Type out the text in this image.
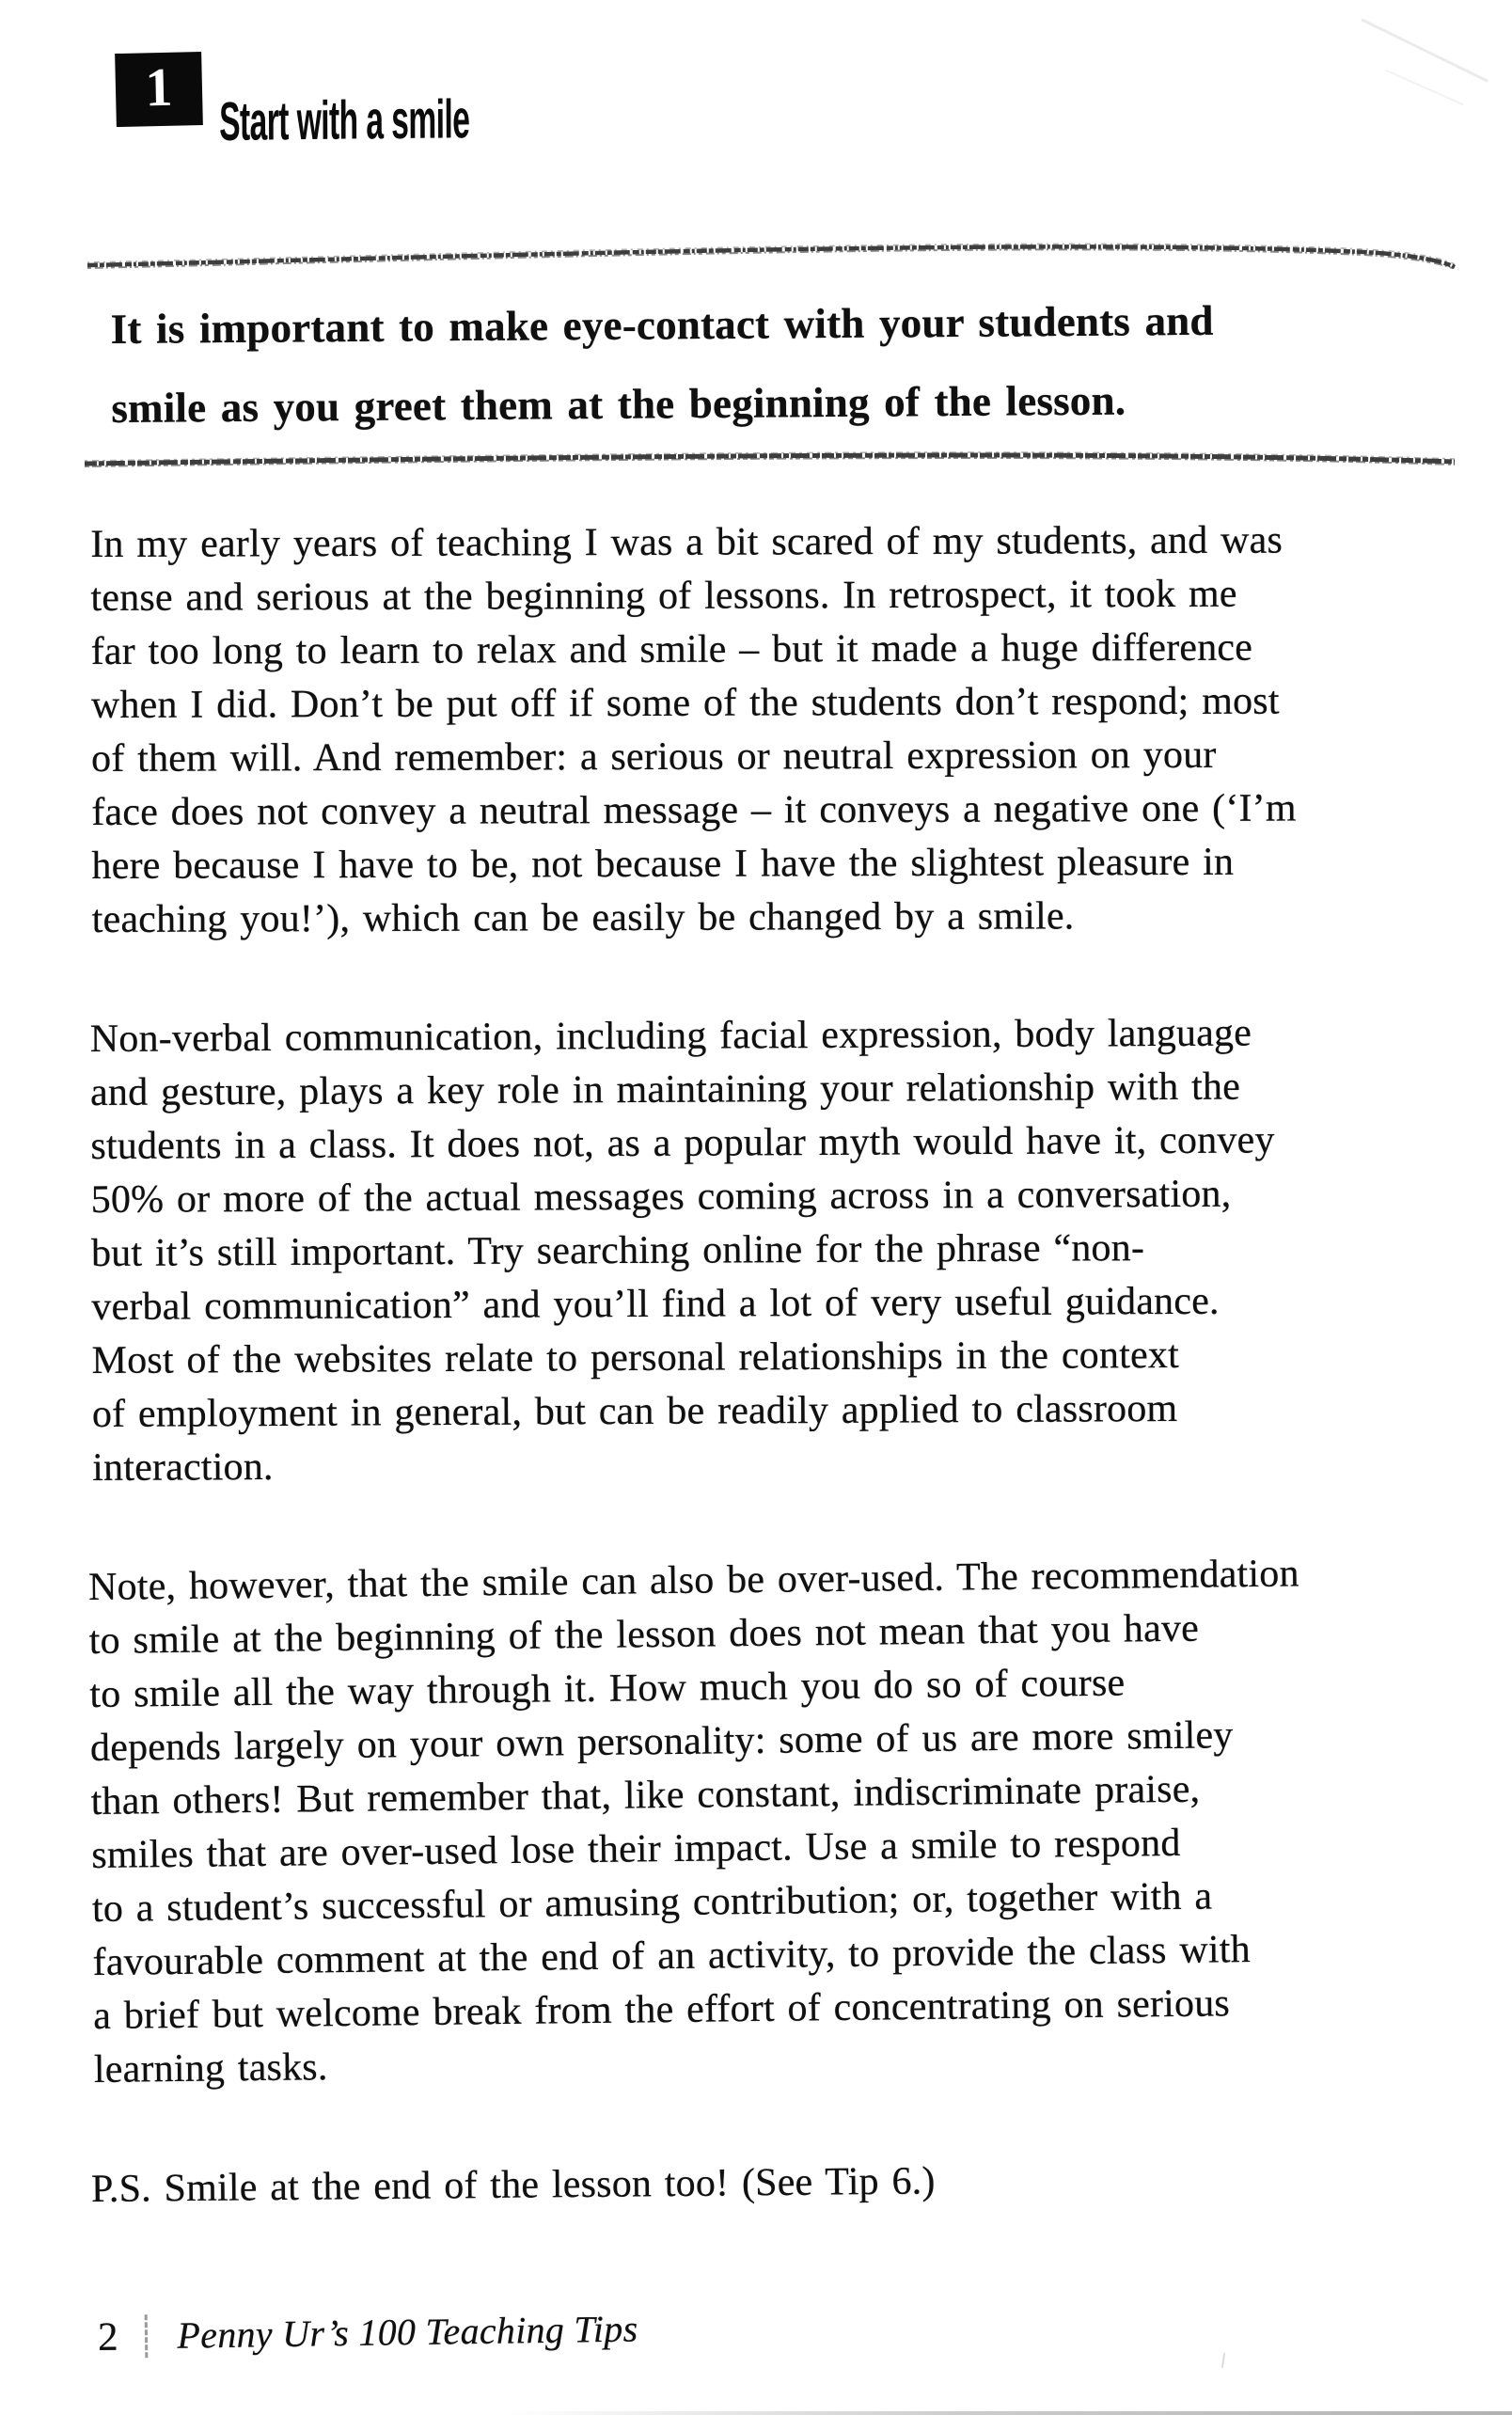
1
Start with a smile
It is important to make eye-contact with your students and
smile as you greet them at the beginning of the lesson.
In my early years of teaching I was a bit scared of my students, and was
tense and serious at the beginning of lessons. In retrospect, it took me
far too long to learn to relax and smile – but it made a huge difference
when I did. Don’t be put off if some of the students don’t respond; most
of them will. And remember: a serious or neutral expression on your
face does not convey a neutral message – it conveys a negative one (‘I’m
here because I have to be, not because I have the slightest pleasure in
teaching you!’), which can be easily be changed by a smile.
Non-verbal communication, including facial expression, body language
and gesture, plays a key role in maintaining your relationship with the
students in a class. It does not, as a popular myth would have it, convey
50% or more of the actual messages coming across in a conversation,
but it’s still important. Try searching online for the phrase “non-
verbal communication” and you’ll find a lot of very useful guidance.
Most of the websites relate to personal relationships in the context
of employment in general, but can be readily applied to classroom
interaction.
Note, however, that the smile can also be over-used. The recommendation
to smile at the beginning of the lesson does not mean that you have
to smile all the way through it. How much you do so of course
depends largely on your own personality: some of us are more smiley
than others! But remember that, like constant, indiscriminate praise,
smiles that are over-used lose their impact. Use a smile to respond
to a student’s successful or amusing contribution; or, together with a
favourable comment at the end of an activity, to provide the class with
a brief but welcome break from the effort of concentrating on serious
learning tasks.
P.S. Smile at the end of the lesson too! (See Tip 6.)
2 Penny Ur’s 100 Teaching Tips
